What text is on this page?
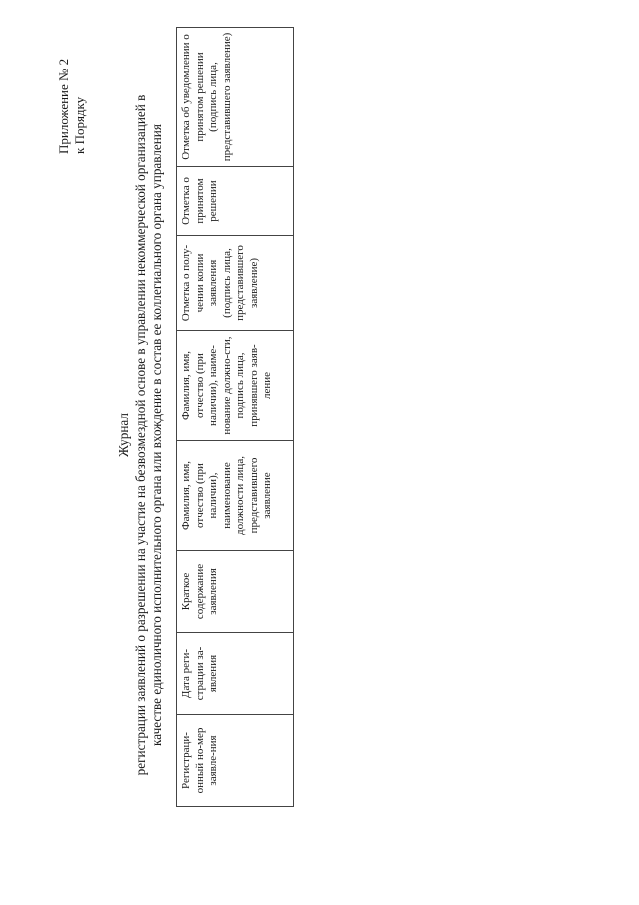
Приложение № 2 к Порядку
Журнал регистрации заявлений о разрешении на участие на безвозмездной основе в управлении некоммерческой организацией в качестве единоличного исполнительного органа или вхождение в состав ее коллегиального органа управления
Регистраци-онный но-мер заявле-ния	Дата реги-страции за-явления	Краткое содержание заявления	Фамилия, имя, отчество (при наличии), наименование должности лица, представившего заявление	Фамилия, имя, отчество (при наличии), наиме-нование должно-сти, подпись лица, принявшего заяв-ление	Отметка о полу-чении копии заявления (подпись лица, представившего заявление)	Отметка о принятом решении	Отметка об уведомлении о принятом решении (подпись лица, представившего заявление)
